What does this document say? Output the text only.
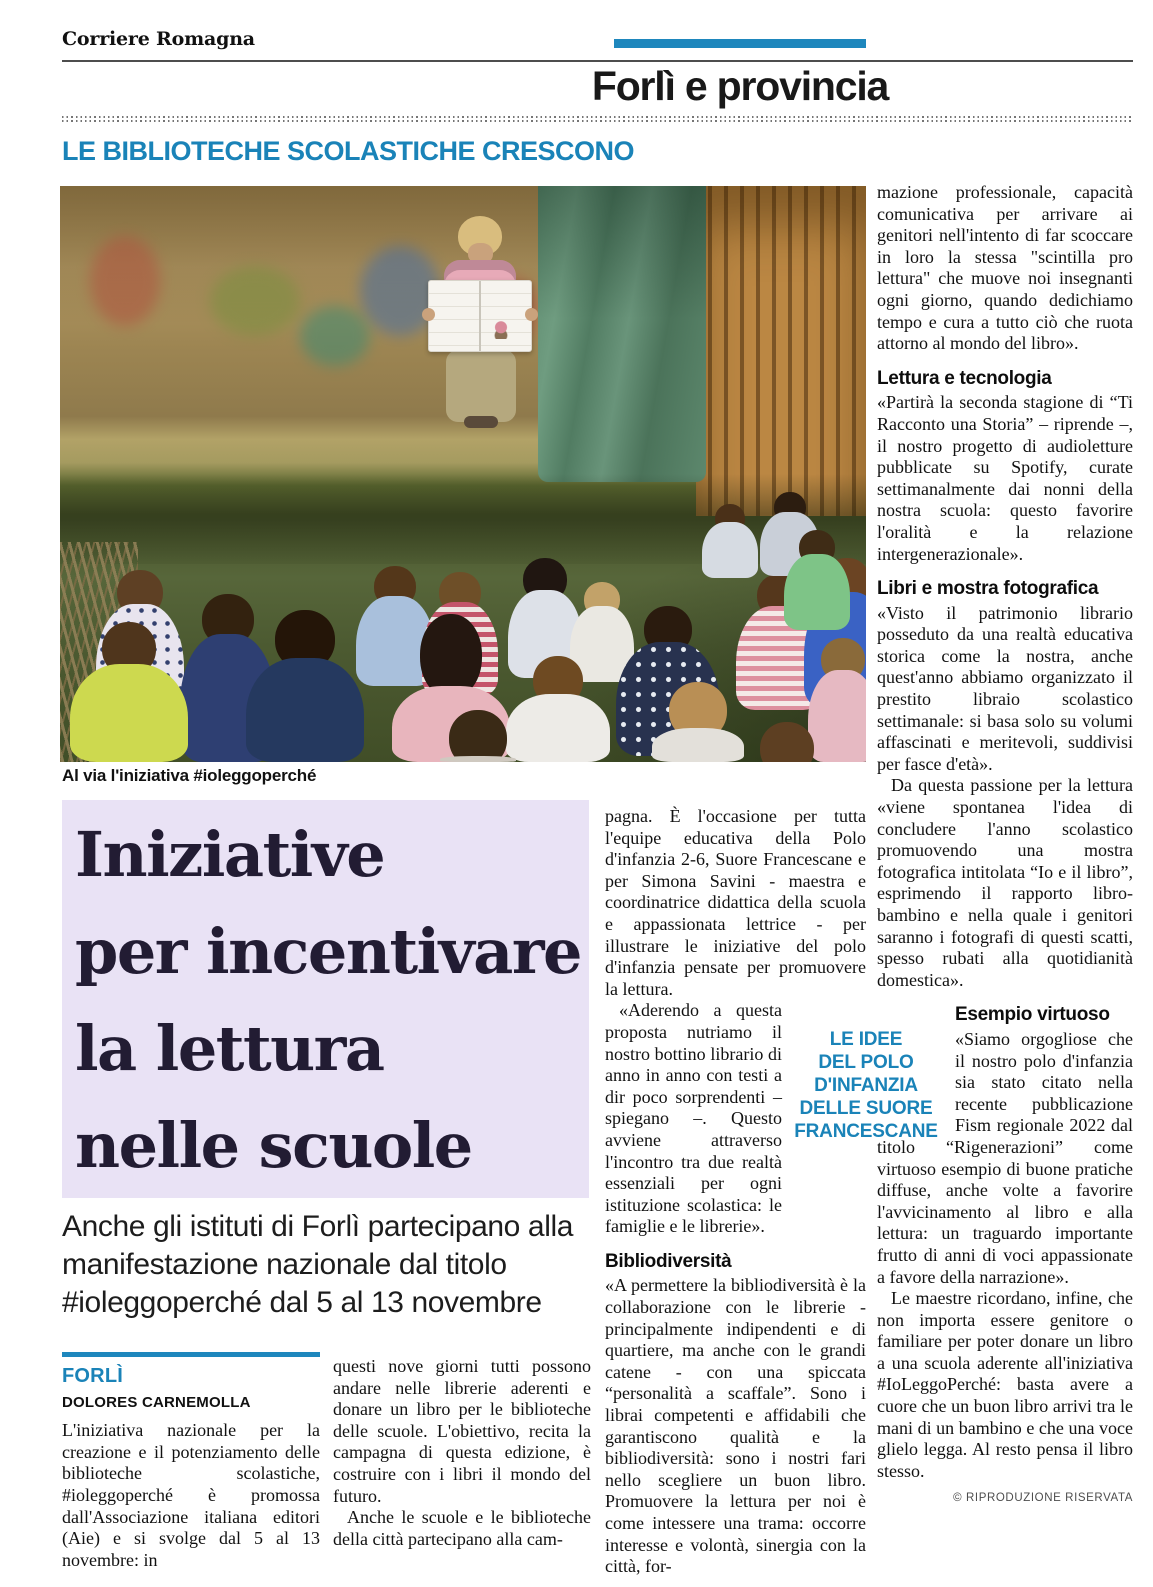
Corriere Romagna
Forlì e provincia
LE BIBLIOTECHE SCOLASTICHE CRESCONO
Al via l'iniziativa #ioleggoperché
Iniziative
per incentivare
la lettura
nelle scuole
Anche gli istituti di Forlì partecipano alla manifestazione nazionale dal titolo #ioleggoperché dal 5 al 13 novembre
FORLÌ
DOLORES CARNEMOLLA

L'iniziativa nazionale per la creazione e il potenziamento delle biblioteche scolastiche, #ioleggoperché è promossa dall'Associazione italiana editori (Aie) e si svolge dal 5 al 13 novembre: in

questi nove giorni tutti possono andare nelle librerie aderenti e donare un libro per le biblioteche delle scuole. L'obiettivo, recita la campagna di questa edizione, è costruire con i libri il mondo del futuro.

Anche le scuole e le biblioteche della città partecipano alla cam-

pagna. È l'occasione per tutta l'equipe educativa della Polo d'infanzia 2-6, Suore Francescane e per Simona Savini - maestra e coordinatrice didattica della scuola e appassionata lettrice - per illustrare le iniziative del polo d'infanzia pensate per promuovere la lettura.

«Aderendo a questa proposta nutriamo il nostro bottino librario di anno in anno con testi a dir poco sorprendenti – spiegano –. Questo avviene attraverso l'incontro tra due realtà essenziali per ogni istituzione scolastica: le famiglie e le librerie».

Bibliodiversità

«A permettere la bibliodiversità è la collaborazione con le librerie - principalmente indipendenti e di quartiere, ma anche con le grandi catene - con una spiccata “personalità a scaffale”. Sono i librai competenti e affidabili che garantiscono qualità e la bibliodiversità: sono i nostri fari nello scegliere un buon libro. Promuovere la lettura per noi è come intessere una trama: occorre interesse e volontà, sinergia con la città, for-

mazione professionale, capacità comunicativa per arrivare ai genitori nell'intento di far scoccare in loro la stessa "scintilla pro lettura" che muove noi insegnanti ogni giorno, quando dedichiamo tempo e cura a tutto ciò che ruota attorno al mondo del libro».

Lettura e tecnologia

«Partirà la seconda stagione di “Ti Racconto una Storia” – riprende –, il nostro progetto di audioletture pubblicate su Spotify, curate settimanalmente dai nonni della nostra scuola: questo favorire l'oralità e la relazione intergenerazionale».

Libri e mostra fotografica

«Visto il patrimonio librario posseduto da una realtà educativa storica come la nostra, anche quest'anno abbiamo organizzato il prestito libraio scolastico settimanale: si basa solo su volumi affascinati e meritevoli, suddivisi per fasce d'età».

Da questa passione per la lettura «viene spontanea l'idea di concludere l'anno scolastico promuovendo una mostra fotografica intitolata “Io e il libro”, esprimendo il rapporto libro-bambino e nella quale i genitori saranno i fotografi di questi scatti, spesso rubati alla quotidianità domestica».

Esempio virtuoso

«Siamo orgogliose che il nostro polo d'infanzia sia stato citato nella recente pubblicazione Fism regionale 2022 dal titolo “Rigenerazioni” come virtuoso esempio di buone pratiche diffuse, anche volte a favorire l'avvicinamento al libro e alla lettura: un traguardo importante frutto di anni di voci appassionate a favore della narrazione».

Le maestre ricordano, infine, che non importa essere genitore o familiare per poter donare un libro a una scuola aderente all'iniziativa #IoLeggoPerché: basta avere a cuore che un buon libro arrivi tra le mani di un bambino e che una voce glielo legga. Al resto pensa il libro stesso.

© RIPRODUZIONE RISERVATA
LE IDEE
DEL POLO
D'INFANZIA
DELLE SUORE
FRANCESCANE
